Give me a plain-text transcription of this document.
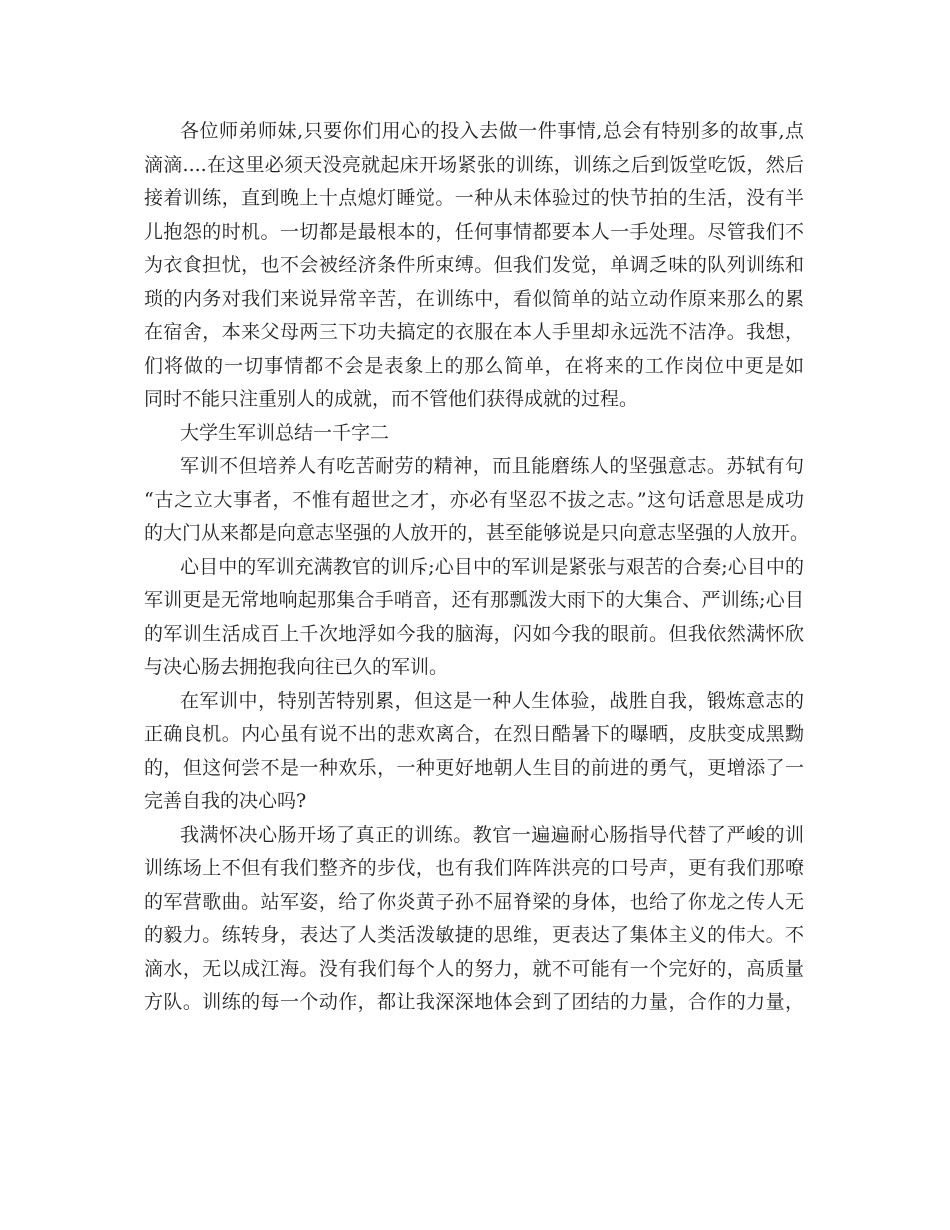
各位师弟师妹,只要你们用心的投入去做一件事情,总会有特别多的故事,点
滴滴....在这里必须天没亮就起床开场紧张的训练，训练之后到饭堂吃饭，然后
接着训练，直到晚上十点熄灯睡觉。一种从未体验过的快节拍的生活，没有半
儿抱怨的时机。一切都是最根本的，任何事情都要本人一手处理。尽管我们不
为衣食担忧，也不会被经济条件所束缚。但我们发觉，单调乏味的队列训练和
琐的内务对我们来说异常辛苦，在训练中，看似简单的站立动作原来那么的累
在宿舍，本来父母两三下功夫搞定的衣服在本人手里却永远洗不洁净。我想，
们将做的一切事情都不会是表象上的那么简单，在将来的工作岗位中更是如
同时不能只注重别人的成就，而不管他们获得成就的过程。
大学生军训总结一千字二
军训不但培养人有吃苦耐劳的精神，而且能磨练人的坚强意志。苏轼有句
“古之立大事者，不惟有超世之才，亦必有坚忍不拔之志。”这句话意思是成功
的大门从来都是向意志坚强的人放开的，甚至能够说是只向意志坚强的人放开。
心目中的军训充满教官的训斥;心目中的军训是紧张与艰苦的合奏;心目中的
军训更是无常地响起那集合手哨音，还有那瓢泼大雨下的大集合、严训练;心目
的军训生活成百上千次地浮如今我的脑海，闪如今我的眼前。但我依然满怀欣
与决心肠去拥抱我向往已久的军训。
在军训中，特别苦特别累，但这是一种人生体验，战胜自我，锻炼意志的
正确良机。内心虽有说不出的悲欢离合，在烈日酷暑下的曝晒，皮肤变成黑黝
的，但这何尝不是一种欢乐，一种更好地朝人生目的前进的勇气，更增添了一
完善自我的决心吗?
我满怀决心肠开场了真正的训练。教官一遍遍耐心肠指导代替了严峻的训
训练场上不但有我们整齐的步伐，也有我们阵阵洪亮的口号声，更有我们那嘹
的军营歌曲。站军姿，给了你炎黄子孙不屈脊梁的身体，也给了你龙之传人无
的毅力。练转身，表达了人类活泼敏捷的思维，更表达了集体主义的伟大。不
滴水，无以成江海。没有我们每个人的努力，就不可能有一个完好的，高质量
方队。训练的每一个动作，都让我深深地体会到了团结的力量，合作的力量，
